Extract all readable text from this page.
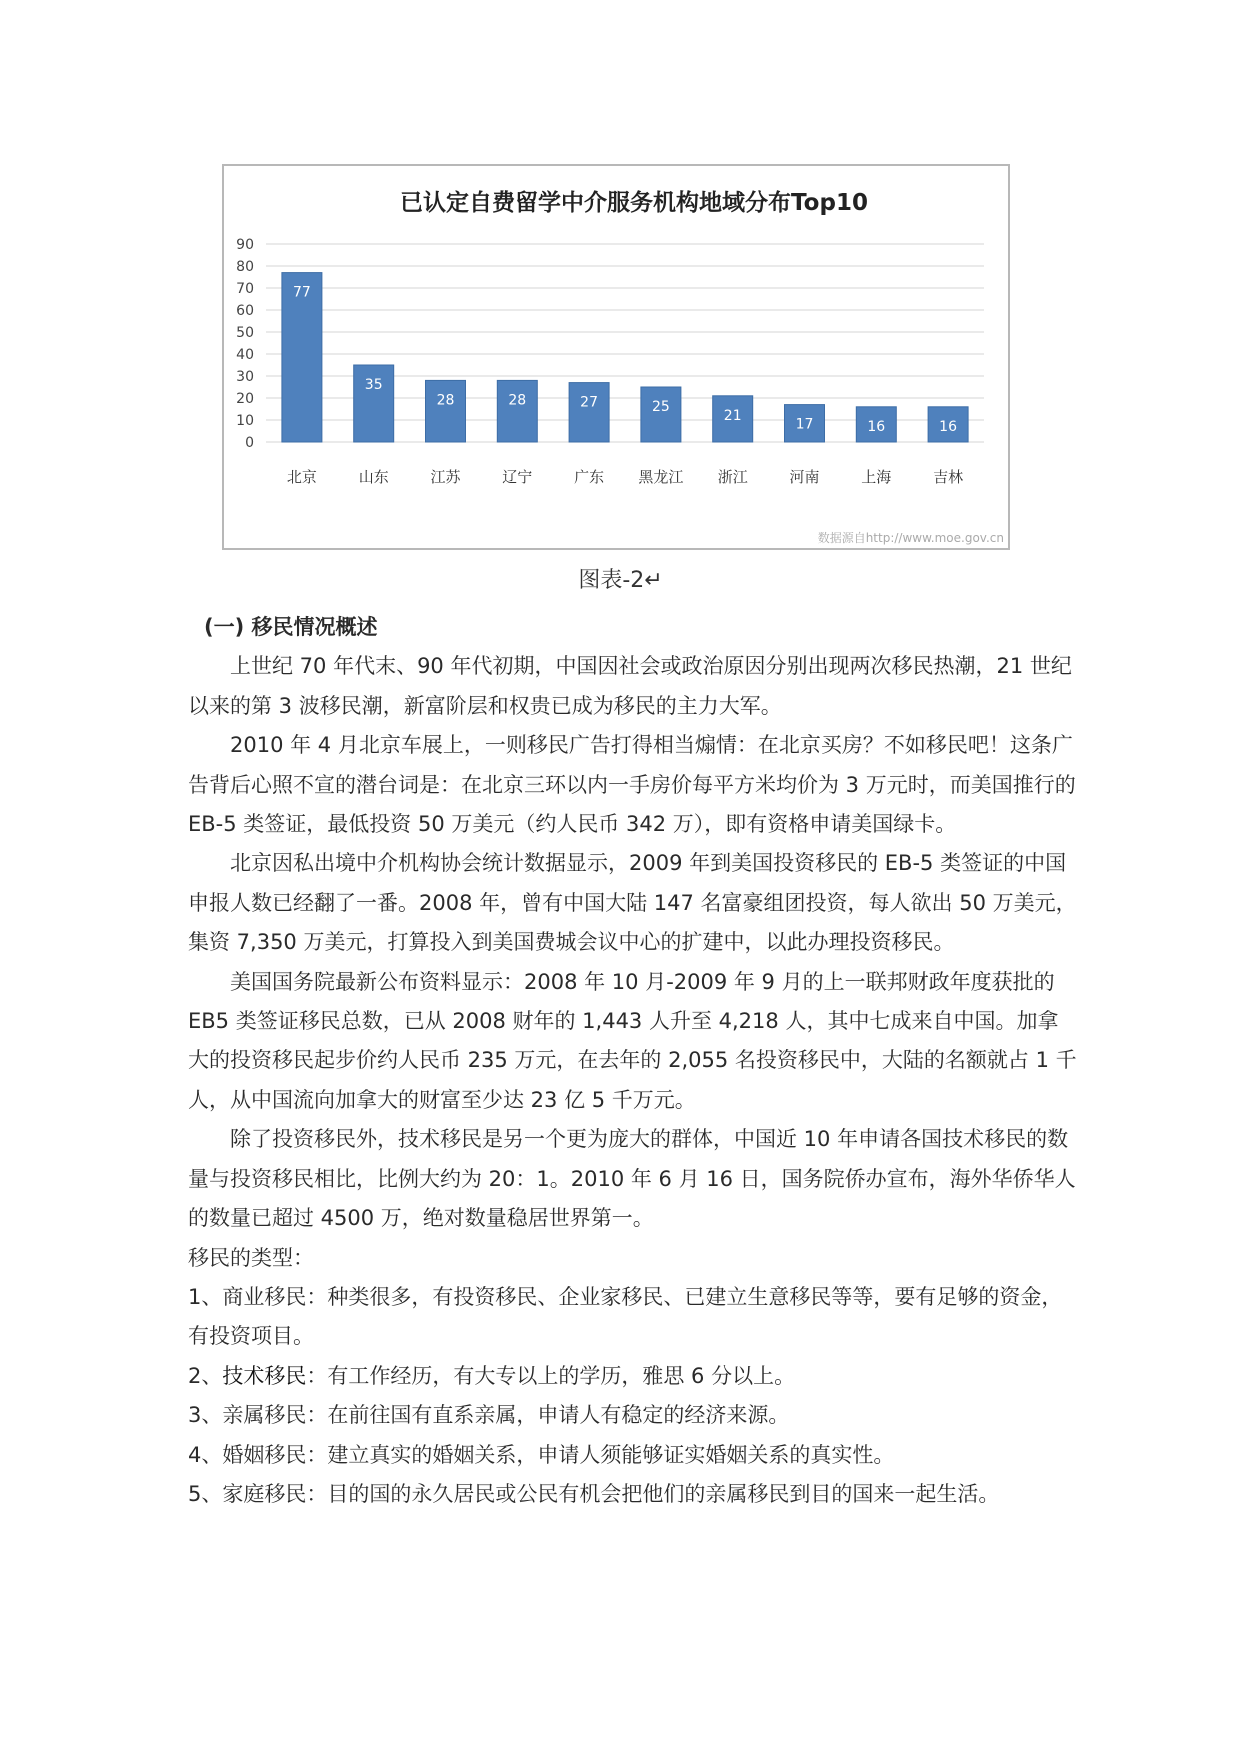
已认定自费留学中介服务机构地域分布Top10
0
10
20
30
40
50
60
70
80
90
77
35
28	28	27	25
21
17	16	16
北京	山东	江苏	辽宁	广东 黑龙江 浙江	河南	上海	吉林
数据源自http://www.moe.gov.cn
图表-2↵

(一) 移民情况概述

上世纪 70 年代末、90 年代初期，中国因社会或政治原因分别出现两次移民热潮，21 世纪以来的第 3 波移民潮，新富阶层和权贵已成为移民的主力大军。

2010 年 4 月北京车展上，一则移民广告打得相当煽情：在北京买房？不如移民吧！这条广告背后心照不宣的潜台词是：在北京三环以内一手房价每平方米均价为 3 万元时，而美国推行的 EB-5 类签证，最低投资 50 万美元（约人民币 342 万），即有资格申请美国绿卡。

北京因私出境中介机构协会统计数据显示，2009 年到美国投资移民的 EB-5 类签证的中国申报人数已经翻了一番。2008 年，曾有中国大陆 147 名富豪组团投资，每人欲出 50 万美元，集资 7,350 万美元，打算投入到美国费城会议中心的扩建中，以此办理投资移民。

美国国务院最新公布资料显示：2008 年 10 月-2009 年 9 月的上一联邦财政年度获批的 EB5 类签证移民总数，已从 2008 财年的 1,443 人升至 4,218 人，其中七成来自中国。加拿大的投资移民起步价约人民币 235 万元，在去年的 2,055 名投资移民中，大陆的名额就占 1 千人，从中国流向加拿大的财富至少达 23 亿 5 千万元。

除了投资移民外，技术移民是另一个更为庞大的群体，中国近 10 年申请各国技术移民的数量与投资移民相比，比例大约为 20：1。2010 年 6 月 16 日，国务院侨办宣布，海外华侨华人的数量已超过 4500 万，绝对数量稳居世界第一。

移民的类型：

1、商业移民：种类很多，有投资移民、企业家移民、已建立生意移民等等，要有足够的资金，有投资项目。

2、技术移民：有工作经历，有大专以上的学历，雅思 6 分以上。

3、亲属移民：在前往国有直系亲属，申请人有稳定的经济来源。

4、婚姻移民：建立真实的婚姻关系，申请人须能够证实婚姻关系的真实性。

5、家庭移民：目的国的永久居民或公民有机会把他们的亲属移民到目的国来一起生活。
